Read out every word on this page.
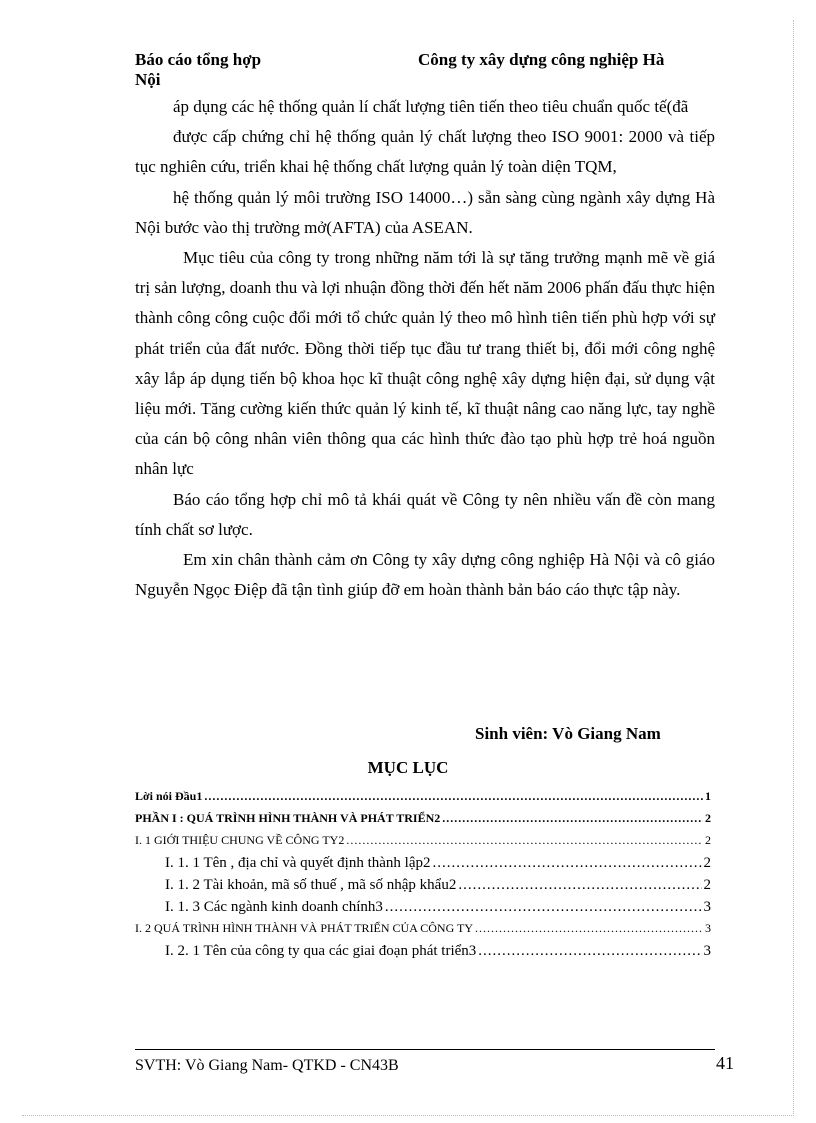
Báo cáo tổng hợp	Công ty xây dựng công nghiệp Hà
Nội

áp dụng các hệ thống quản lí chất lượng tiên tiến theo tiêu chuẩn quốc tế(đã

được cấp chứng chỉ hệ thống quản lý chất lượng theo ISO 9001: 2000 và tiếp tục nghiên cứu, triển khai hệ thống chất lượng quản lý toàn diện TQM,

hệ thống quản lý môi trường ISO 14000…) sẵn sàng cùng ngành xây dựng Hà Nội bước vào thị trường mở(AFTA) của ASEAN.

Mục tiêu của công ty trong những năm tới là sự tăng trưởng mạnh mẽ về giá trị sản lượng, doanh thu và lợi nhuận đồng thời đến hết năm 2006 phấn đấu thực hiện thành công công cuộc đổi mới tổ chức quản lý theo mô hình tiên tiến phù hợp với sự phát triển của đất nước. Đồng thời tiếp tục đầu tư trang thiết bị, đổi mới công nghệ xây lắp áp dụng tiến bộ khoa học kĩ thuật công nghệ xây dựng hiện đại, sử dụng vật liệu mới. Tăng cường kiến thức quản lý kinh tế, kĩ thuật nâng cao năng lực, tay nghề của cán bộ công nhân viên thông qua các hình thức đào tạo phù hợp trẻ hoá nguồn nhân lực

Báo cáo tổng hợp chỉ mô tả khái quát về Công ty nên nhiều vấn đề còn mang tính chất sơ lược.

Em xin chân thành cảm ơn Công ty xây dựng công nghiệp Hà Nội và cô giáo Nguyễn Ngọc Điệp đã tận tình giúp đỡ em hoàn thành bản báo cáo thực tập này.

Sinh viên: Vò Giang Nam
MỤC LỤC
Lời nói Đầu1 .....	1
PHẦN I : QUÁ TRÌNH HÌNH THÀNH VÀ PHÁT TRIỂN2 .....	2
I. 1 GIỚI THIỆU CHUNG VỀ CÔNG TY2 .....	2
I. 1. 1 Tên , địa chỉ và quyết định thành lập2 .....	2
I. 1. 2 Tài khoản, mã số thuế , mã số nhập khẩu2 .....	2
I. 1. 3 Các ngành kinh doanh chính3 .....	3
I. 2 QUÁ TRÌNH HÌNH THÀNH VÀ PHÁT TRIỂN CỦA CÔNG TY .....	3
I. 2. 1 Tên của công ty qua các giai đoạn phát triển3 .....	3
SVTH: Vò Giang Nam- QTKD - CN43B	41
